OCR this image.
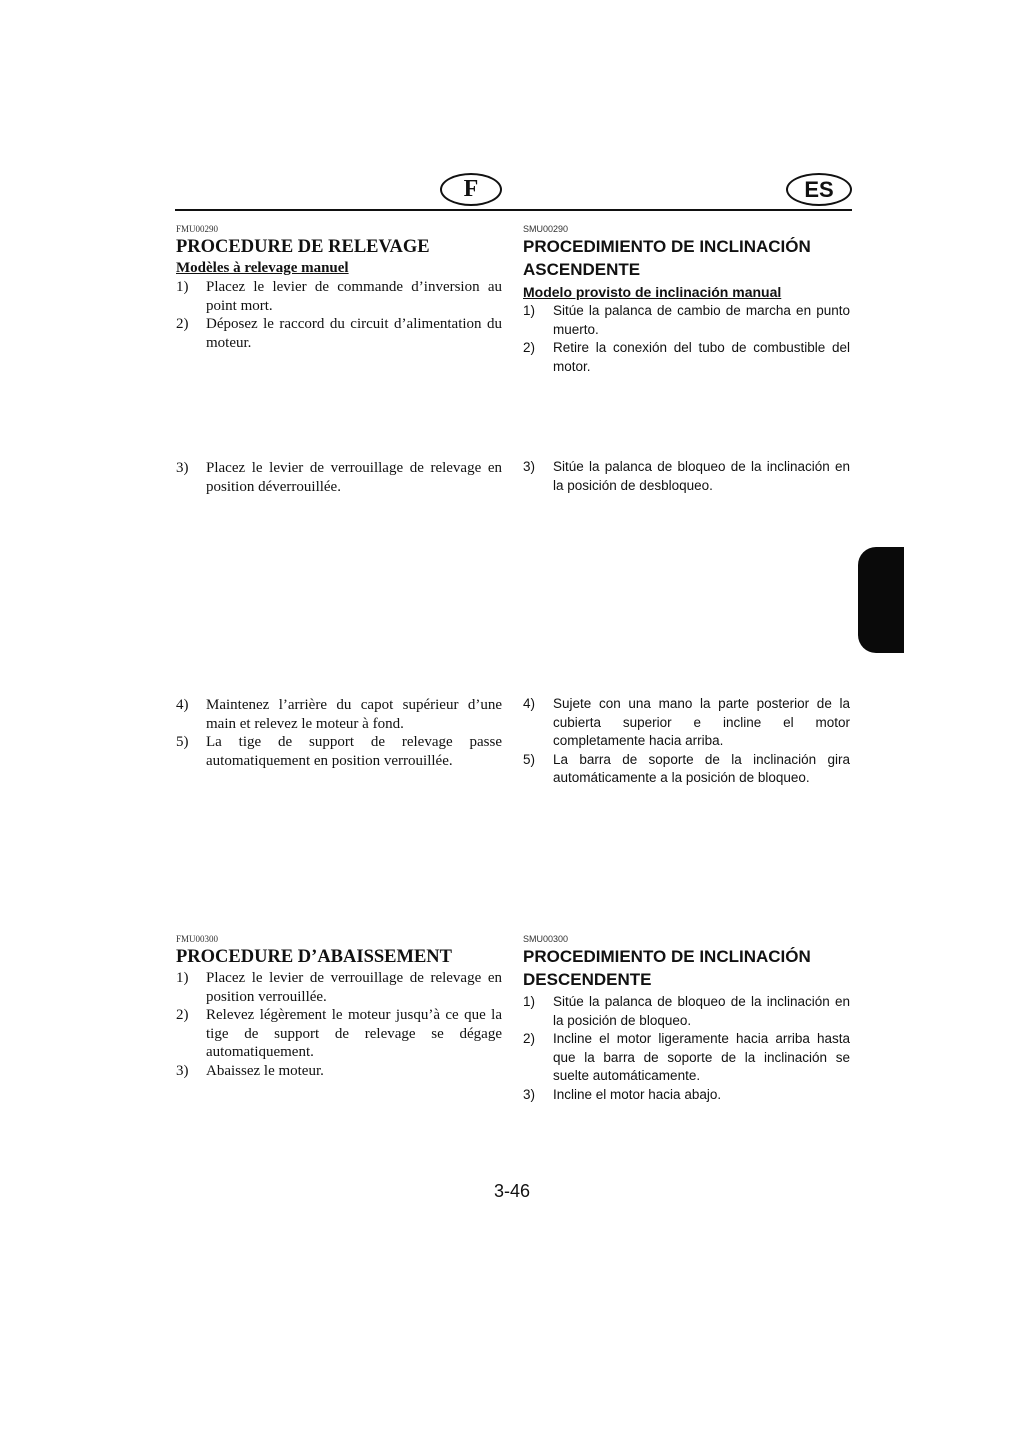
F	ES
FMU00290
PROCEDURE DE RELEVAGE
Modèles à relevage manuel
1) Placez le levier de commande d’inversion au point mort.
2) Déposez le raccord du circuit d’alimentation du moteur.
SMU00290
PROCEDIMIENTO DE INCLINACIÓN ASCENDENTE
Modelo provisto de inclinación manual
1) Sitúe la palanca de cambio de marcha en punto muerto.
2) Retire la conexión del tubo de combustible del motor.
3) Placez le levier de verrouillage de relevage en position déverrouillée.
3) Sitúe la palanca de bloqueo de la inclinación en la posición de desbloqueo.
4) Maintenez l’arrière du capot supérieur d’une main et relevez le moteur à fond.
5) La tige de support de relevage passe automatiquement en position verrouillée.
4) Sujete con una mano la parte posterior de la cubierta superior e incline el motor completamente hacia arriba.
5) La barra de soporte de la inclinación gira automáticamente a la posición de bloqueo.
FMU00300
PROCEDURE D’ABAISSEMENT
1) Placez le levier de verrouillage de relevage en position verrouillée.
2) Relevez légèrement le moteur jusqu’à ce que la tige de support de relevage se dégage automatiquement.
3) Abaissez le moteur.
SMU00300
PROCEDIMIENTO DE INCLINACIÓN DESCENDENTE
1) Sitúe la palanca de bloqueo de la inclinación en la posición de bloqueo.
2) Incline el motor ligeramente hacia arriba hasta que la barra de soporte de la inclinación se suelte automáticamente.
3) Incline el motor hacia abajo.
3-46
